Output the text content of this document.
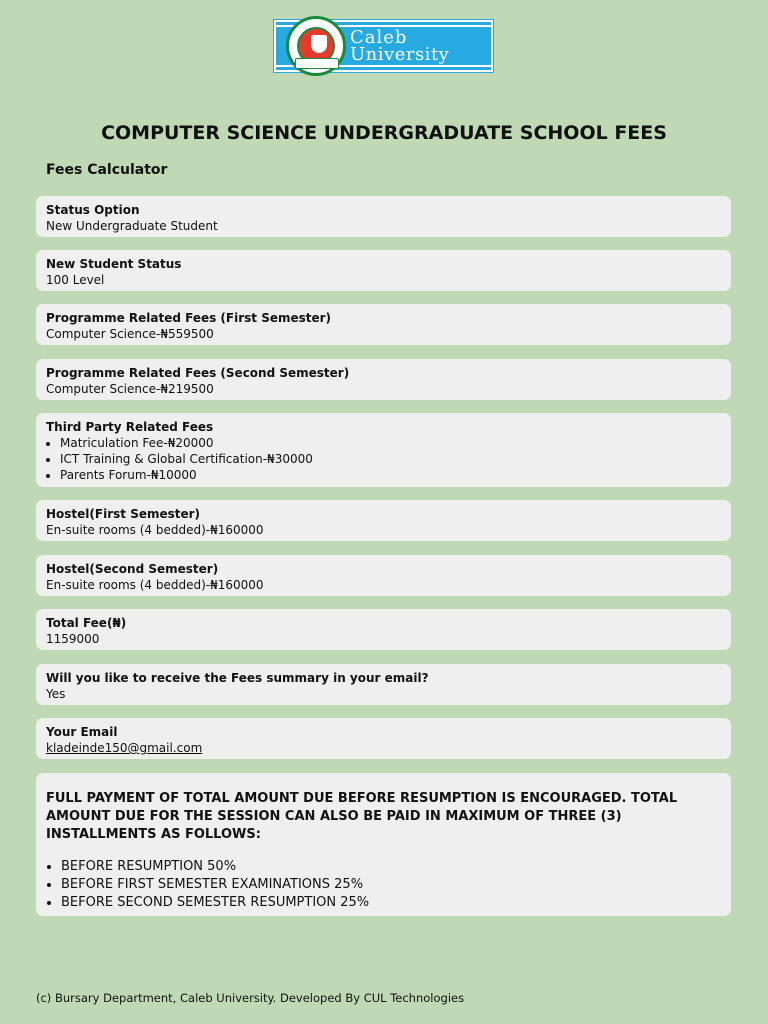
Caleb
University
COMPUTER SCIENCE UNDERGRADUATE SCHOOL FEES
Fees Calculator
Status Option
New Undergraduate Student
New Student Status
100 Level
Programme Related Fees (First Semester)
Computer Science-₦559500
Programme Related Fees (Second Semester)
Computer Science-₦219500
Third Party Related Fees
• Matriculation Fee-₦20000
• ICT Training & Global Certification-₦30000
• Parents Forum-₦10000
Hostel(First Semester)
En-suite rooms (4 bedded)-₦160000
Hostel(Second Semester)
En-suite rooms (4 bedded)-₦160000
Total Fee(₦)
1159000
Will you like to receive the Fees summary in your email?
Yes
Your Email
kladeinde150@gmail.com
FULL PAYMENT OF TOTAL AMOUNT DUE BEFORE RESUMPTION IS ENCOURAGED. TOTAL AMOUNT DUE FOR THE SESSION CAN ALSO BE PAID IN MAXIMUM OF THREE (3) INSTALLMENTS AS FOLLOWS:
• BEFORE RESUMPTION 50%
• BEFORE FIRST SEMESTER EXAMINATIONS 25%
• BEFORE SECOND SEMESTER RESUMPTION 25%
(c) Bursary Department, Caleb University. Developed By CUL Technologies
